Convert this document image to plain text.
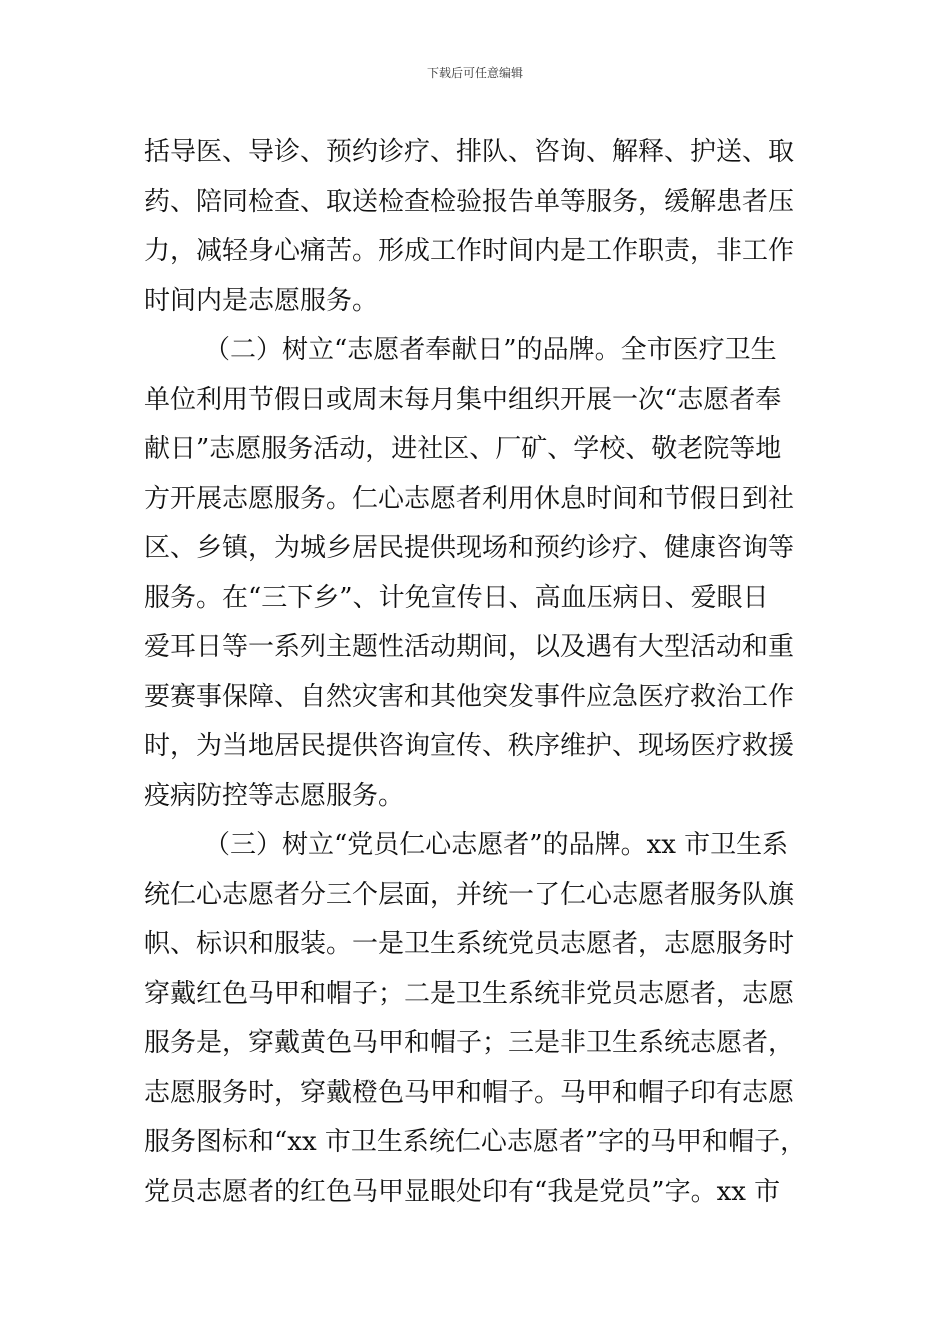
下载后可任意编辑
括导医、导诊、预约诊疗、排队、咨询、解释、护送、取
药、陪同检查、取送检查检验报告单等服务，缓解患者压
力，减轻身心痛苦。形成工作时间内是工作职责，非工作
时间内是志愿服务。
（二）树立“志愿者奉献日”的品牌。全市医疗卫生
单位利用节假日或周末每月集中组织开展一次“志愿者奉
献日”志愿服务活动，进社区、厂矿、学校、敬老院等地
方开展志愿服务。仁心志愿者利用休息时间和节假日到社
区、乡镇，为城乡居民提供现场和预约诊疗、健康咨询等
服务。在“三下乡”、计免宣传日、高血压病日、爱眼日
爱耳日等一系列主题性活动期间，以及遇有大型活动和重
要赛事保障、自然灾害和其他突发事件应急医疗救治工作
时，为当地居民提供咨询宣传、秩序维护、现场医疗救援
疫病防控等志愿服务。
（三）树立“党员仁心志愿者”的品牌。xx 市卫生系
统仁心志愿者分三个层面，并统一了仁心志愿者服务队旗
帜、标识和服装。一是卫生系统党员志愿者，志愿服务时
穿戴红色马甲和帽子；二是卫生系统非党员志愿者，志愿
服务是，穿戴黄色马甲和帽子；三是非卫生系统志愿者，
志愿服务时，穿戴橙色马甲和帽子。马甲和帽子印有志愿
服务图标和“xx 市卫生系统仁心志愿者”字的马甲和帽子，
党员志愿者的红色马甲显眼处印有“我是党员”字。xx 市
